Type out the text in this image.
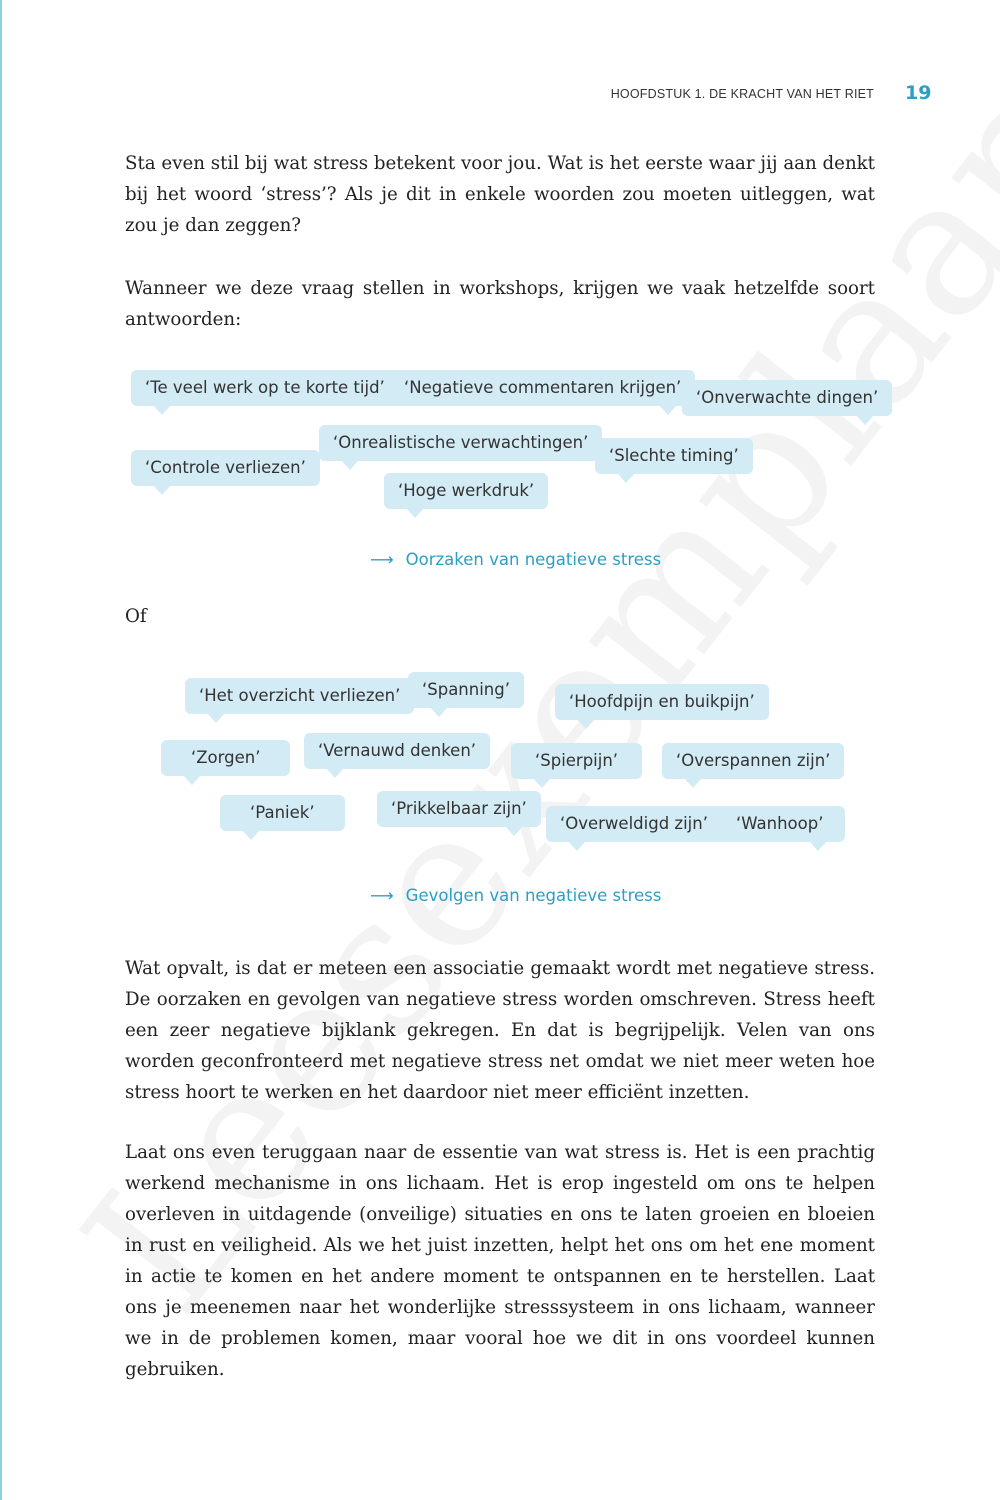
HOOFDSTUK 1. DE KRACHT VAN HET RIET 19

Sta even stil bij wat stress betekent voor jou. Wat is het eerste waar jij aan denkt bij het woord ‘stress’? Als je dit in enkele woorden zou moeten uitleggen, wat zou je dan zeggen?

Wanneer we deze vraag stellen in workshops, krijgen we vaak hetzelfde soort antwoorden:

‘Te veel werk op te korte tijd’	‘Negatieve commentaren krijgen’
‘Onverwachte dingen’
‘Onrealistische verwachtingen’
‘Controle verliezen’
‘Slechte timing’
‘Hoge werkdruk’
⟶ Oorzaken van negatieve stress
Of
‘Het overzicht verliezen’	‘Spanning’
‘Hoofdpijn en buikpijn’
‘Zorgen’	‘Vernauwd denken’
‘Spierpijn’	‘Overspannen zijn’
‘Paniek’	‘Prikkelbaar zijn’
‘Overweldigd zijn’	‘Wanhoop’
⟶ Gevolgen van negatieve stress

Wat opvalt, is dat er meteen een associatie gemaakt wordt met negatieve stress. De oorzaken en gevolgen van negatieve stress worden omschreven. Stress heeft een zeer negatieve bijklank gekregen. En dat is begrijpelijk. Velen van ons worden geconfronteerd met negatieve stress net omdat we niet meer weten hoe stress hoort te werken en het daardoor niet meer efficiënt inzetten.

Laat ons even teruggaan naar de essentie van wat stress is. Het is een prachtig werkend mechanisme in ons lichaam. Het is erop ingesteld om ons te helpen overleven in uitdagende (onveilige) situaties en ons te laten groeien en bloeien in rust en veiligheid. Als we het juist inzetten, helpt het ons om het ene moment in actie te komen en het andere moment te ontspannen en te herstellen. Laat ons je meenemen naar het wonderlijke stresssysteem in ons lichaam, wanneer we in de problemen komen, maar vooral hoe we dit in ons voordeel kunnen gebruiken.
